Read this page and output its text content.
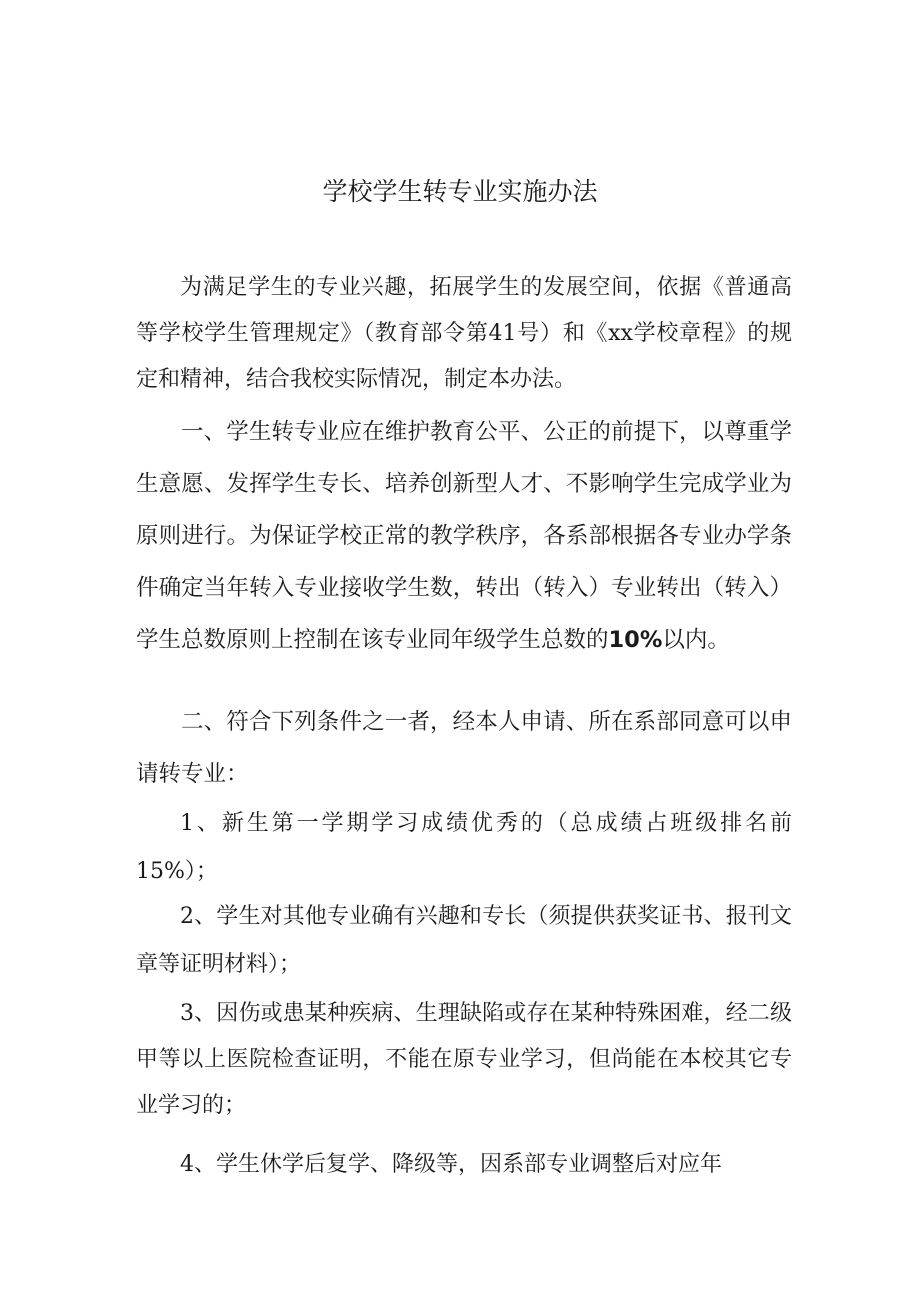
学校学生转专业实施办法

为满足学生的专业兴趣，拓展学生的发展空间，依据《普通高等学校学生管理规定》（教育部令第41号）和《xx学校章程》的规定和精神，结合我校实际情况，制定本办法。

一、学生转专业应在维护教育公平、公正的前提下，以尊重学生意愿、发挥学生专长、培养创新型人才、不影响学生完成学业为原则进行。为保证学校正常的教学秩序，各系部根据各专业办学条件确定当年转入专业接收学生数，转出（转入）专业转出（转入）学生总数原则上控制在该专业同年级学生总数的10%以内。

二、符合下列条件之一者，经本人申请、所在系部同意可以申请转专业：

1、新生第一学期学习成绩优秀的（总成绩占班级排名前15%）；

2、学生对其他专业确有兴趣和专长（须提供获奖证书、报刊文章等证明材料）；

3、因伤或患某种疾病、生理缺陷或存在某种特殊困难，经二级甲等以上医院检查证明，不能在原专业学习，但尚能在本校其它专业学习的；

4、学生休学后复学、降级等，因系部专业调整后对应年
